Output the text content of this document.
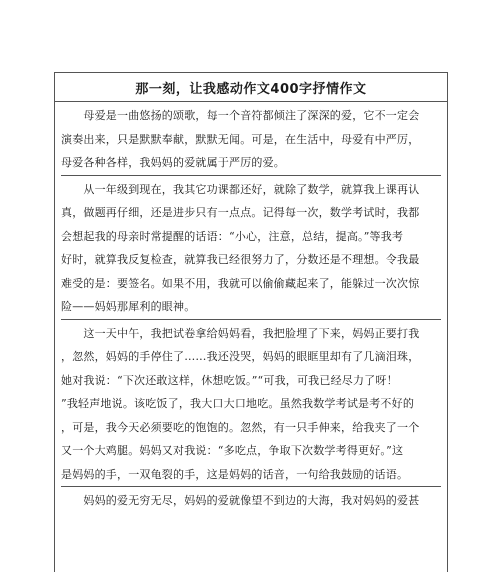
那一刻，让我感动作文400字抒情作文
　　母爱是一曲悠扬的颂歌，每一个音符都倾注了深深的爱，它不一定会
演奏出来，只是默默奉献，默默无闻。可是，在生活中，母爱有中严厉，
母爱各种各样，我妈妈的爱就属于严厉的爱。
　　从一年级到现在，我其它功课都还好，就除了数学，就算我上课再认
真，做题再仔细，还是进步只有一点点。记得每一次，数学考试时，我都
会想起我的母亲时常提醒的话语：“小心，注意，总结，提高。”等我考
好时，就算我反复检查，就算我已经很努力了，分数还是不理想。令我最
难受的是：要签名。如果不用，我就可以偷偷藏起来了，能躲过一次次惊
险——妈妈那犀利的眼神。
　　这一天中午，我把试卷拿给妈妈看，我把脸埋了下来，妈妈正要打我
，忽然，妈妈的手停住了……我还没哭，妈妈的眼眶里却有了几滴泪珠，
她对我说：“下次还敢这样，休想吃饭。”“可我，可我已经尽力了呀！
”我轻声地说。该吃饭了，我大口大口地吃。虽然我数学考试是考不好的
，可是，我今天必须要吃的饱饱的。忽然，有一只手伸来，给我夹了一个
又一个大鸡腿。妈妈又对我说：“多吃点，争取下次数学考得更好。”这
是妈妈的手，一双龟裂的手，这是妈妈的话音，一句给我鼓励的话语。
　　妈妈的爱无穷无尽，妈妈的爱就像望不到边的大海，我对妈妈的爱甚
